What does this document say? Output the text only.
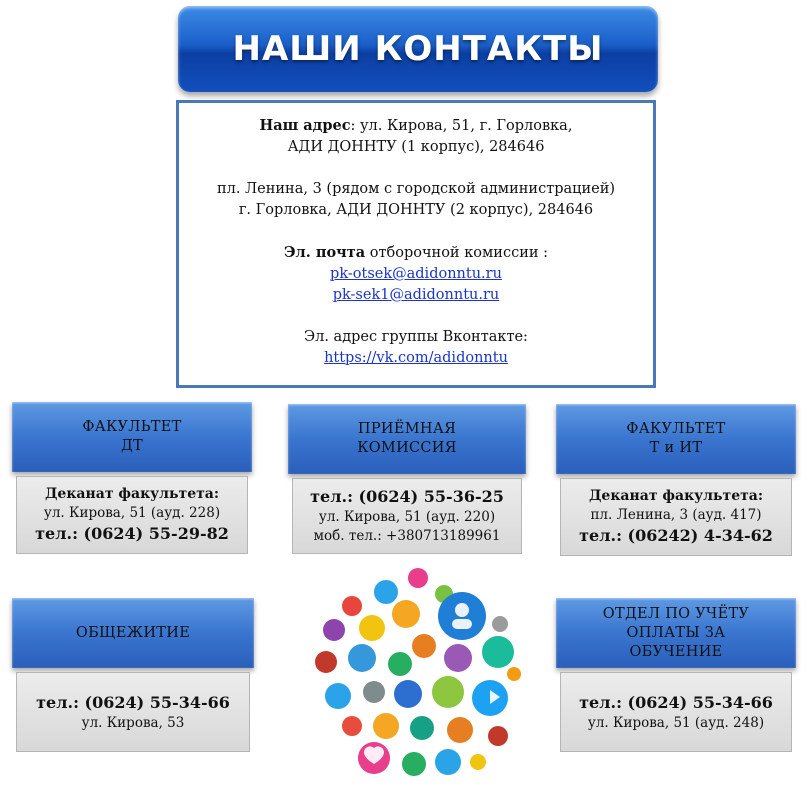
НАШИ КОНТАКТЫ

Наш адрес: ул. Кирова, 51, г. Горловка,

АДИ ДОННТУ (1 корпус), 284646

пл. Ленина, 3 (рядом с городской администрацией)

г. Горловка, АДИ ДОННТУ (2 корпус), 284646

Эл. почта отборочной комиссии :

pk-otsek@adidonntu.ru

pk-sek1@adidonntu.ru

Эл. адрес группы Вконтакте:

https://vk.com/adidonntu

ФАКУЛЬТЕТ
ДТ
Деканат факультета:
ул. Кирова, 51 (ауд. 228)
тел.: (0624) 55-29-82
ПРИЁМНАЯ
КОМИССИЯ
тел.: (0624) 55-36-25
ул. Кирова, 51 (ауд. 220)
моб. тел.: +380713189961
ФАКУЛЬТЕТ
Т и ИТ
Деканат факультета:
пл. Ленина, 3 (ауд. 417)
тел.: (06242) 4-34-62
ОБЩЕЖИТИЕ
тел.: (0624) 55-34-66
ул. Кирова, 53
ОТДЕЛ ПО УЧЁТУ
ОПЛАТЫ ЗА
ОБУЧЕНИЕ
тел.: (0624) 55-34-66
ул. Кирова, 51 (ауд. 248)
